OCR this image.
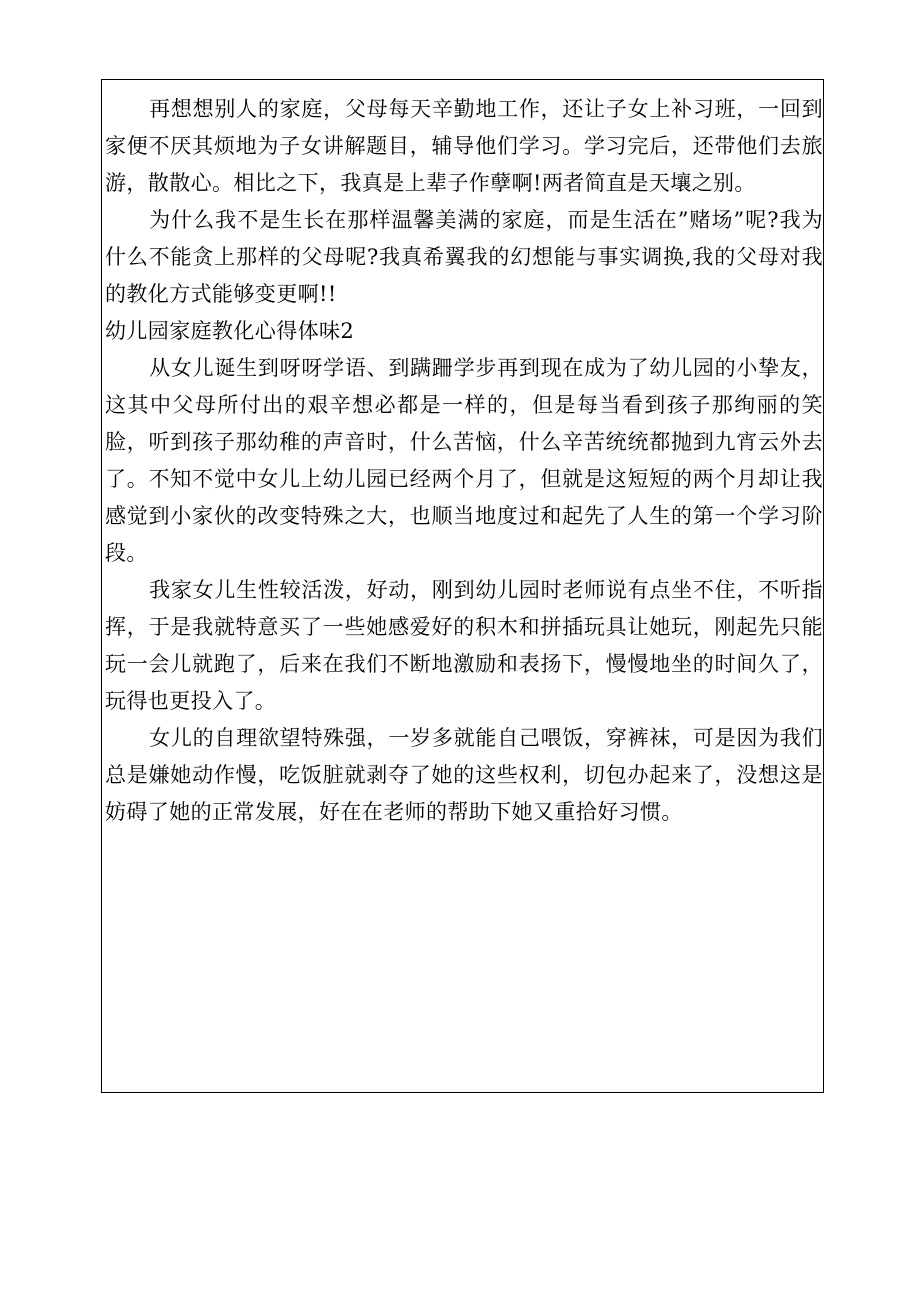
再想想别人的家庭，父母每天辛勤地工作，还让子女上补习班，一回到家便不厌其烦地为子女讲解题目，辅导他们学习。学习完后，还带他们去旅游，散散心。相比之下，我真是上辈子作孽啊!两者简直是天壤之别。

为什么我不是生长在那样温馨美满的家庭，而是生活在”赌场”呢?我为什么不能贪上那样的父母呢?我真希翼我的幻想能与事实调换,我的父母对我的教化方式能够变更啊!!

幼儿园家庭教化心得体味2

从女儿诞生到呀呀学语、到蹒跚学步再到现在成为了幼儿园的小挚友，这其中父母所付出的艰辛想必都是一样的，但是每当看到孩子那绚丽的笑脸，听到孩子那幼稚的声音时，什么苦恼，什么辛苦统统都抛到九宵云外去了。不知不觉中女儿上幼儿园已经两个月了，但就是这短短的两个月却让我感觉到小家伙的改变特殊之大，也顺当地度过和起先了人生的第一个学习阶段。

我家女儿生性较活泼，好动，刚到幼儿园时老师说有点坐不住，不听指挥，于是我就特意买了一些她感爱好的积木和拼插玩具让她玩，刚起先只能玩一会儿就跑了，后来在我们不断地激励和表扬下，慢慢地坐的时间久了，玩得也更投入了。

女儿的自理欲望特殊强，一岁多就能自己喂饭，穿裤袜，可是因为我们总是嫌她动作慢，吃饭脏就剥夺了她的这些权利，切包办起来了，没想这是妨碍了她的正常发展，好在在老师的帮助下她又重拾好习惯。
